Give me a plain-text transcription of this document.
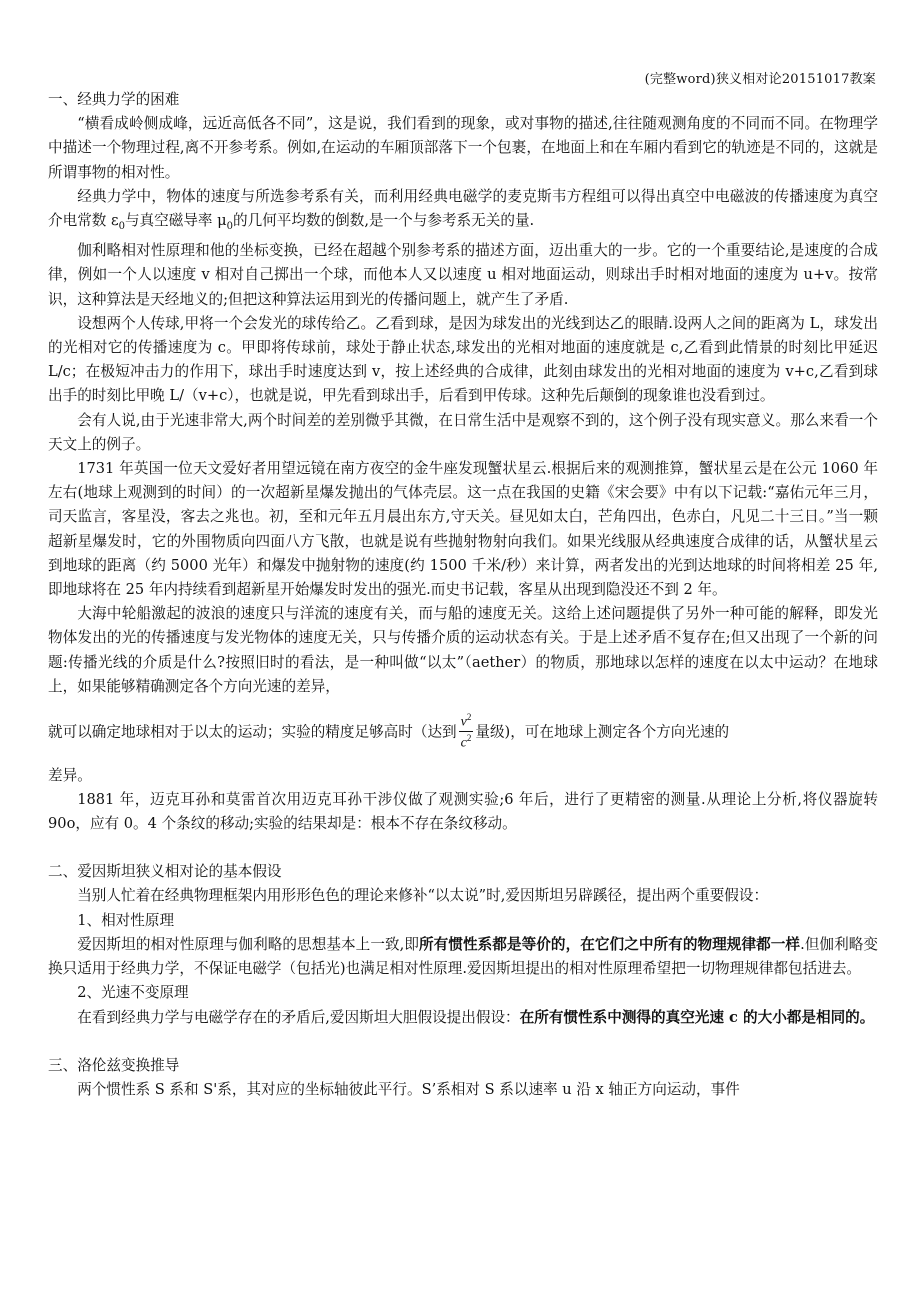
(完整word)狭义相对论20151017教案

一、经典力学的困难

“横看成岭侧成峰，远近高低各不同”，这是说，我们看到的现象，或对事物的描述,往往随观测角度的不同而不同。在物理学中描述一个物理过程,离不开参考系。例如,在运动的车厢顶部落下一个包裹，在地面上和在车厢内看到它的轨迹是不同的，这就是所谓事物的相对性。

经典力学中，物体的速度与所选参考系有关，而利用经典电磁学的麦克斯韦方程组可以得出真空中电磁波的传播速度为真空介电常数 $\varepsilon_0$与真空磁导率 $\mu_0$的几何平均数的倒数,是一个与参考系无关的量.

伽利略相对性原理和他的坐标变换，已经在超越个别参考系的描述方面，迈出重大的一步。它的一个重要结论,是速度的合成律，例如一个人以速度 v 相对自己掷出一个球，而他本人又以速度 u 相对地面运动，则球出手时相对地面的速度为 u+v。按常识，这种算法是天经地义的;但把这种算法运用到光的传播问题上，就产生了矛盾.

设想两个人传球,甲将一个会发光的球传给乙。乙看到球，是因为球发出的光线到达乙的眼睛.设两人之间的距离为 L，球发出的光相对它的传播速度为 c。甲即将传球前，球处于静止状态,球发出的光相对地面的速度就是 c,乙看到此情景的时刻比甲延迟 L/c；在极短冲击力的作用下，球出手时速度达到 v，按上述经典的合成律，此刻由球发出的光相对地面的速度为 v+c,乙看到球出手的时刻比甲晚 L/（v+c），也就是说，甲先看到球出手，后看到甲传球。这种先后颠倒的现象谁也没看到过。

会有人说,由于光速非常大,两个时间差的差别微乎其微，在日常生活中是观察不到的，这个例子没有现实意义。那么来看一个天文上的例子。

1731 年英国一位天文爱好者用望远镜在南方夜空的金牛座发现蟹状星云.根据后来的观测推算，蟹状星云是在公元 1060 年左右(地球上观测到的时间）的一次超新星爆发抛出的气体壳层。这一点在我国的史籍《宋会要》中有以下记载:“嘉佑元年三月，司天监言，客星没，客去之兆也。初，至和元年五月晨出东方,守天关。昼见如太白，芒角四出，色赤白，凡见二十三日。”当一颗超新星爆发时，它的外围物质向四面八方飞散，也就是说有些抛射物射向我们。如果光线服从经典速度合成律的话，从蟹状星云到地球的距离（约 5000 光年）和爆发中抛射物的速度(约 1500 千米/秒）来计算，两者发出的光到达地球的时间将相差 25 年,即地球将在 25 年内持续看到超新星开始爆发时发出的强光.而史书记载，客星从出现到隐没还不到 2 年。

大海中轮船激起的波浪的速度只与洋流的速度有关，而与船的速度无关。这给上述问题提供了另外一种可能的解释，即发光物体发出的光的传播速度与发光物体的速度无关，只与传播介质的运动状态有关。于是上述矛盾不复存在;但又出现了一个新的问题:传播光线的介质是什么?按照旧时的看法，是一种叫做“以太”（aether）的物质，那地球以怎样的速度在以太中运动？在地球上，如果能够精确测定各个方向光速的差异，

就可以确定地球相对于以太的运动；实验的精度足够高时（达到 $\frac{v^2}{c^2}$ 量级)，可在地球上测定各个方向光速的

差异。

1881 年，迈克耳孙和莫雷首次用迈克耳孙干涉仪做了观测实验;6 年后，进行了更精密的测量.从理论上分析,将仪器旋转 90o，应有 0。4 个条纹的移动;实验的结果却是：根本不存在条纹移动。

二、爱因斯坦狭义相对论的基本假设

当别人忙着在经典物理框架内用形形色色的理论来修补“以太说”时,爱因斯坦另辟蹊径，提出两个重要假设：

1、相对性原理

爱因斯坦的相对性原理与伽利略的思想基本上一致,即所有惯性系都是等价的，在它们之中所有的物理规律都一样.但伽利略变换只适用于经典力学，不保证电磁学（包括光)也满足相对性原理.爱因斯坦提出的相对性原理希望把一切物理规律都包括进去。

2、光速不变原理

在看到经典力学与电磁学存在的矛盾后,爱因斯坦大胆假设提出假设：在所有惯性系中测得的真空光速 c 的大小都是相同的。

三、洛伦兹变换推导

两个惯性系 S 系和 S'系，其对应的坐标轴彼此平行。S’系相对 S 系以速率 u 沿 x 轴正方向运动，事件
